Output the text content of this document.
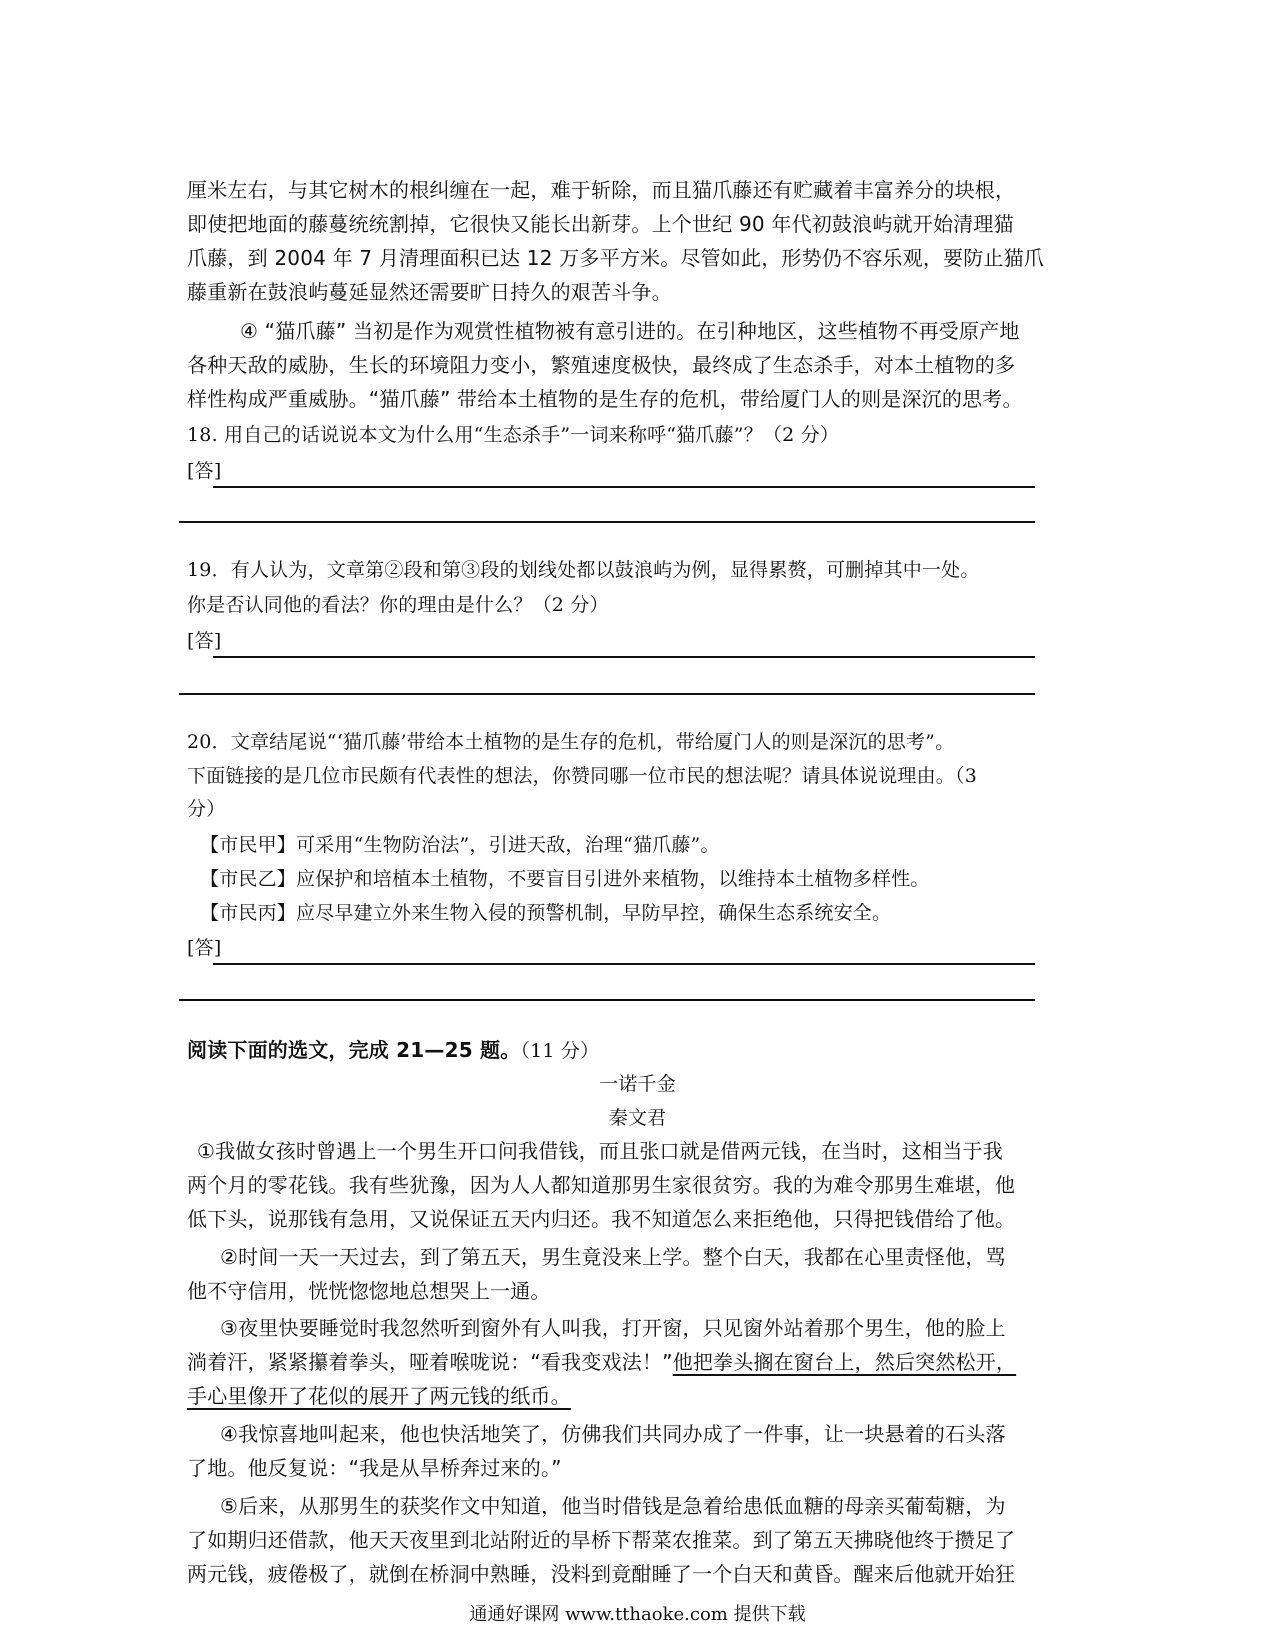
厘米左右，与其它树木的根纠缠在一起，难于斩除，而且猫爪藤还有贮藏着丰富养分的块根，
即使把地面的藤蔓统统割掉，它很快又能长出新芽。上个世纪 90 年代初鼓浪屿就开始清理猫
爪藤，到 2004 年 7 月清理面积已达 12 万多平方米。尽管如此，形势仍不容乐观，要防止猫爪
藤重新在鼓浪屿蔓延显然还需要旷日持久的艰苦斗争。
④ “猫爪藤” 当初是作为观赏性植物被有意引进的。在引种地区，这些植物不再受原产地
各种天敌的威胁，生长的环境阻力变小，繁殖速度极快，最终成了生态杀手，对本土植物的多
样性构成严重威胁。“猫爪藤” 带给本土植物的是生存的危机，带给厦门人的则是深沉的思考。
18. 用自己的话说说本文为什么用“生态杀手”一词来称呼“猫爪藤”？（2 分）
[答]
19．有人认为，文章第②段和第③段的划线处都以鼓浪屿为例，显得累赘，可删掉其中一处。
你是否认同他的看法？你的理由是什么？（2 分）
[答]
20．文章结尾说“‘猫爪藤’带给本土植物的是生存的危机，带给厦门人的则是深沉的思考”。
下面链接的是几位市民颇有代表性的想法，你赞同哪一位市民的想法呢？请具体说说理由。（3
分）
【市民甲】可采用“生物防治法”，引进天敌，治理“猫爪藤”。
【市民乙】应保护和培植本土植物，不要盲目引进外来植物，以维持本土植物多样性。
【市民丙】应尽早建立外来生物入侵的预警机制，早防早控，确保生态系统安全。
[答]
阅读下面的选文，完成 21—25 题。（11 分）
一诺千金
秦文君
①我做女孩时曾遇上一个男生开口问我借钱，而且张口就是借两元钱，在当时，这相当于我
两个月的零花钱。我有些犹豫，因为人人都知道那男生家很贫穷。我的为难令那男生难堪，他
低下头，说那钱有急用，又说保证五天内归还。我不知道怎么来拒绝他，只得把钱借给了他。
②时间一天一天过去，到了第五天，男生竟没来上学。整个白天，我都在心里责怪他，骂
他不守信用，恍恍惚惚地总想哭上一通。
③夜里快要睡觉时我忽然听到窗外有人叫我，打开窗，只见窗外站着那个男生，他的脸上
淌着汗，紧紧攥着拳头，哑着喉咙说：“看我变戏法！”他把拳头搁在窗台上，然后突然松开，
手心里像开了花似的展开了两元钱的纸币。
④我惊喜地叫起来，他也快活地笑了，仿佛我们共同办成了一件事，让一块悬着的石头落
了地。他反复说：“我是从旱桥奔过来的。”
⑤后来，从那男生的获奖作文中知道，他当时借钱是急着给患低血糖的母亲买葡萄糖，为
了如期归还借款，他天天夜里到北站附近的旱桥下帮菜农推菜。到了第五天拂晓他终于攒足了
两元钱，疲倦极了，就倒在桥洞中熟睡，没料到竟酣睡了一个白天和黄昏。醒来后他就开始狂
通通好课网 www.tthaoke.com 提供下载
